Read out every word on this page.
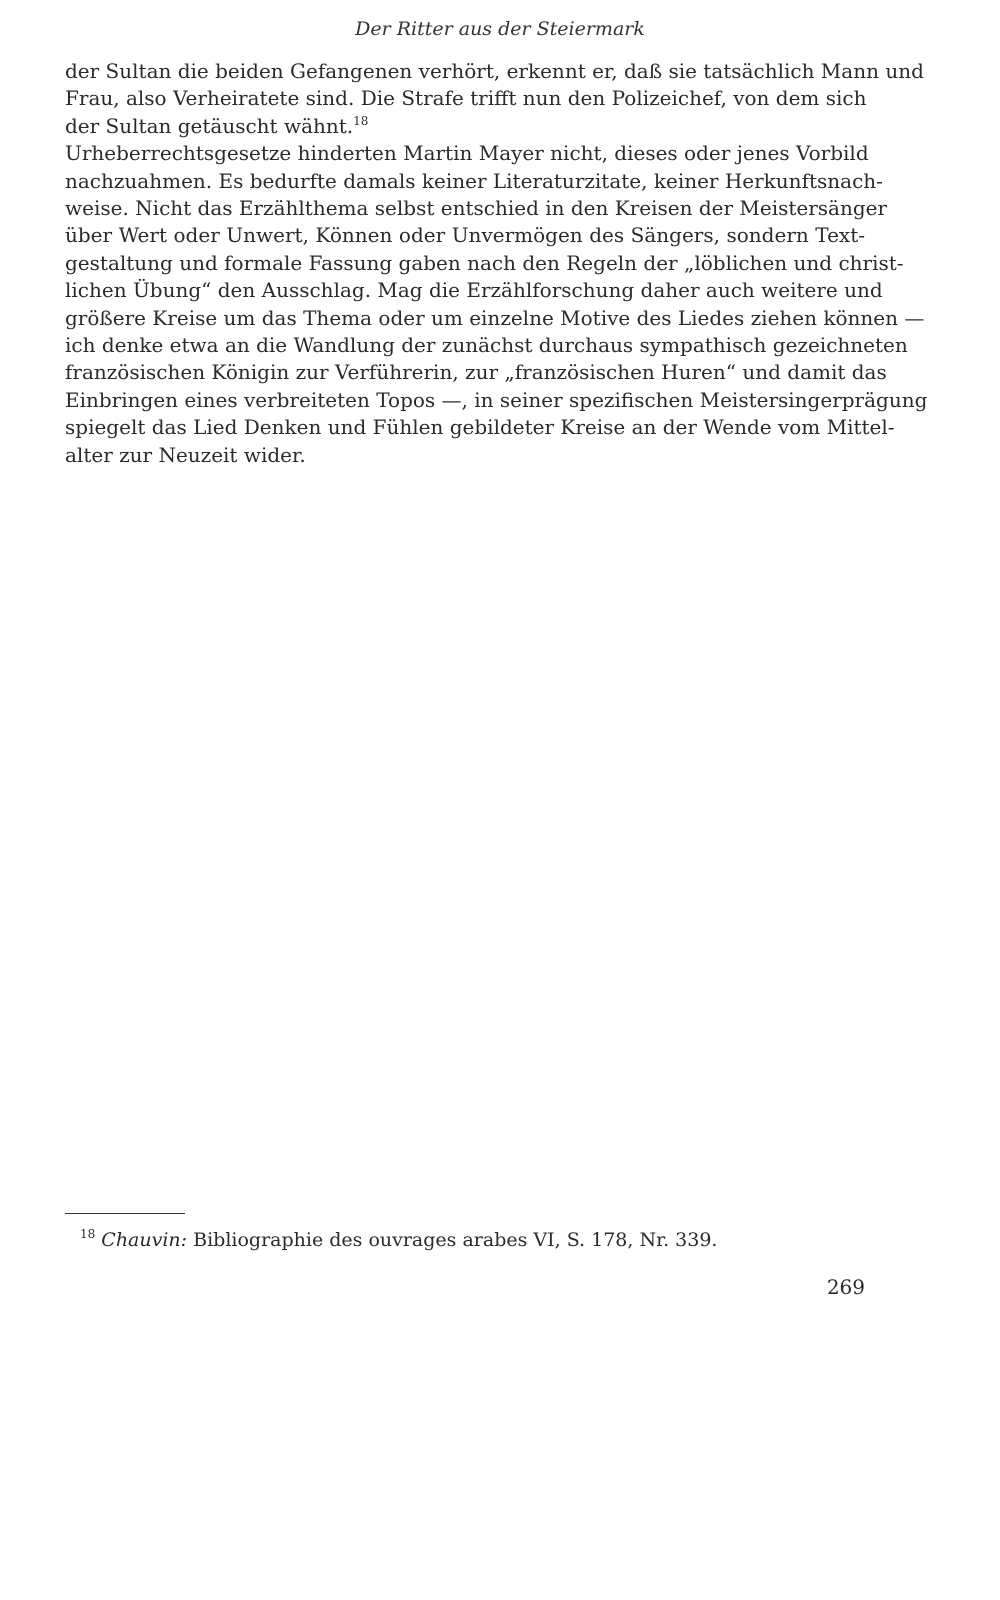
Der Ritter aus der Steiermark
der Sultan die beiden Gefangenen verhört, erkennt er, daß sie tatsächlich Mann und
Frau, also Verheiratete sind. Die Strafe trifft nun den Polizeichef, von dem sich
der Sultan getäuscht wähnt.$^{18}$
Urheberrechtsgesetze hinderten Martin Mayer nicht, dieses oder jenes Vorbild
nachzuahmen. Es bedurfte damals keiner Literaturzitate, keiner Herkunftsnach-
weise. Nicht das Erzählthema selbst entschied in den Kreisen der Meistersänger
über Wert oder Unwert, Können oder Unvermögen des Sängers, sondern Text-
gestaltung und formale Fassung gaben nach den Regeln der „löblichen und christ-
lichen Übung“ den Ausschlag. Mag die Erzählforschung daher auch weitere und
größere Kreise um das Thema oder um einzelne Motive des Liedes ziehen können —
ich denke etwa an die Wandlung der zunächst durchaus sympathisch gezeichneten
französischen Königin zur Verführerin, zur „französischen Huren“ und damit das
Einbringen eines verbreiteten Topos —, in seiner spezifischen Meistersingerprägung
spiegelt das Lied Denken und Fühlen gebildeter Kreise an der Wende vom Mittel-
alter zur Neuzeit wider.
$^{18}$ Chauvin: Bibliographie des ouvrages arabes VI, S. 178, Nr. 339.
269
